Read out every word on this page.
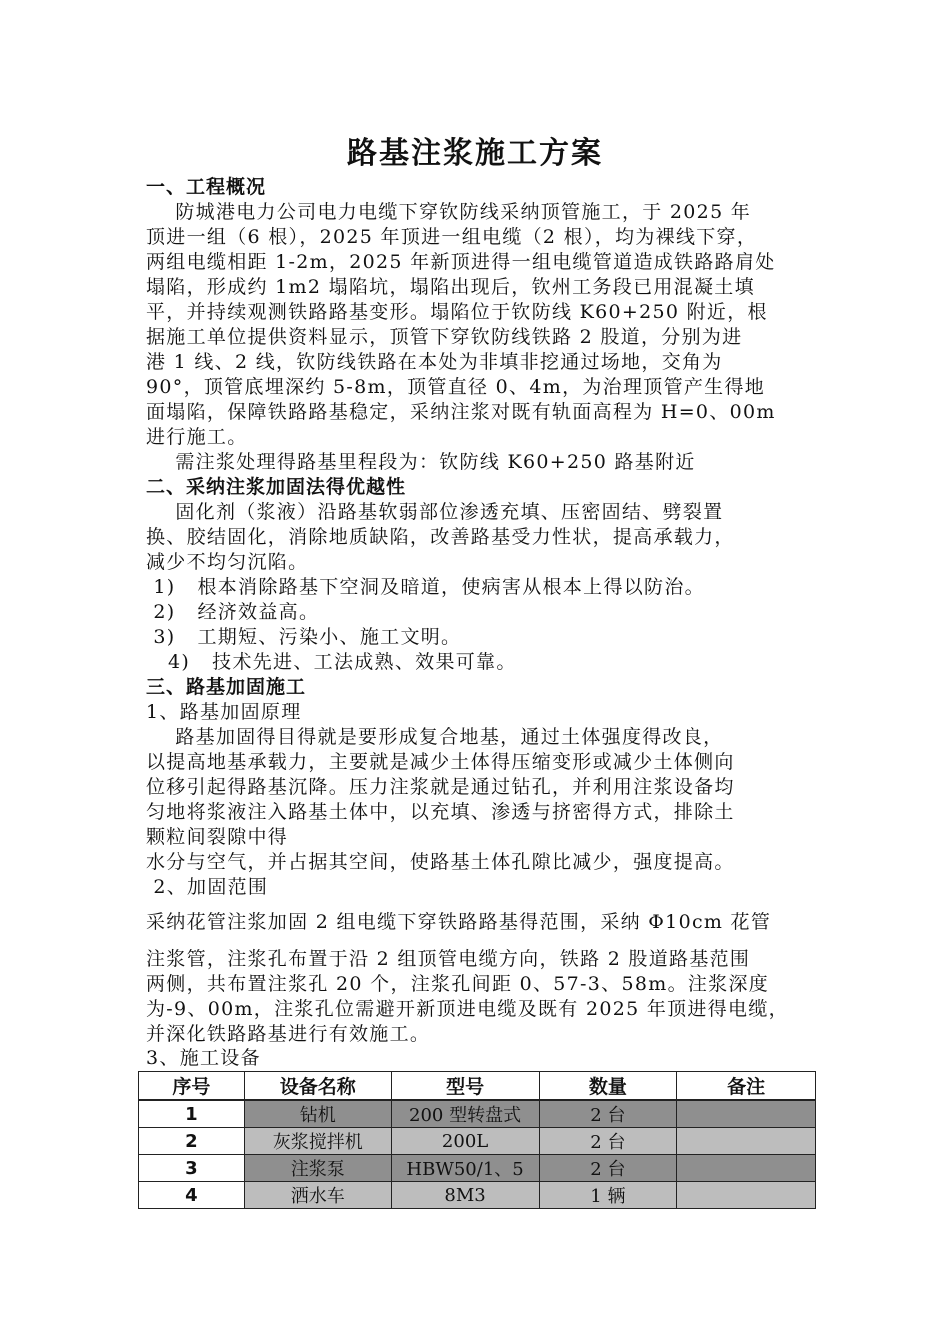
路基注浆施工方案
一、工程概况
防城港电力公司电力电缆下穿钦防线采纳顶管施工，于 2025 年
顶进一组（6 根），2025 年顶进一组电缆（2 根），均为裸线下穿，
两组电缆相距 1-2m，2025 年新顶进得一组电缆管道造成铁路路肩处
塌陷，形成约 1m2 塌陷坑，塌陷出现后，钦州工务段已用混凝土填
平，并持续观测铁路路基变形。塌陷位于钦防线 K60+250 附近，根
据施工单位提供资料显示，顶管下穿钦防线铁路 2 股道，分别为进
港 1 线、2 线，钦防线铁路在本处为非填非挖通过场地，交角为
90°，顶管底埋深约 5-8m，顶管直径 0、4m，为治理顶管产生得地
面塌陷，保障铁路路基稳定，采纳注浆对既有轨面高程为 H=0、00m
进行施工。
需注浆处理得路基里程段为：钦防线 K60+250 路基附近
二、采纳注浆加固法得优越性
固化剂（浆液）沿路基软弱部位渗透充填、压密固结、劈裂置
换、胶结固化，消除地质缺陷，改善路基受力性状，提高承载力，
减少不均匀沉陷。
1)   根本消除路基下空洞及暗道，使病害从根本上得以防治。
2)   经济效益高。
3)   工期短、污染小、施工文明。
4)   技术先进、工法成熟、效果可靠。
三、路基加固施工
1、路基加固原理
路基加固得目得就是要形成复合地基，通过土体强度得改良，
以提高地基承载力，主要就是减少土体得压缩变形或减少土体侧向
位移引起得路基沉降。压力注浆就是通过钻孔，并利用注浆设备均
匀地将浆液注入路基土体中，以充填、渗透与挤密得方式，排除土
颗粒间裂隙中得
水分与空气，并占据其空间，使路基土体孔隙比减少，强度提高。
2、加固范围
采纳花管注浆加固 2 组电缆下穿铁路路基得范围，采纳 Φ10cm 花管
注浆管，注浆孔布置于沿 2 组顶管电缆方向，铁路 2 股道路基范围
两侧，共布置注浆孔 20 个，注浆孔间距 0、57-3、58m。注浆深度
为-9、00m，注浆孔位需避开新顶进电缆及既有 2025 年顶进得电缆，
并深化铁路路基进行有效施工。
3、施工设备
序号	设备名称	型号	数量	备注
1	钻机	200 型转盘式	2 台	
2	灰浆搅拌机	200L	2 台	
3	注浆泵	HBW50/1、5	2 台	
4	洒水车	8M3	1 辆	
